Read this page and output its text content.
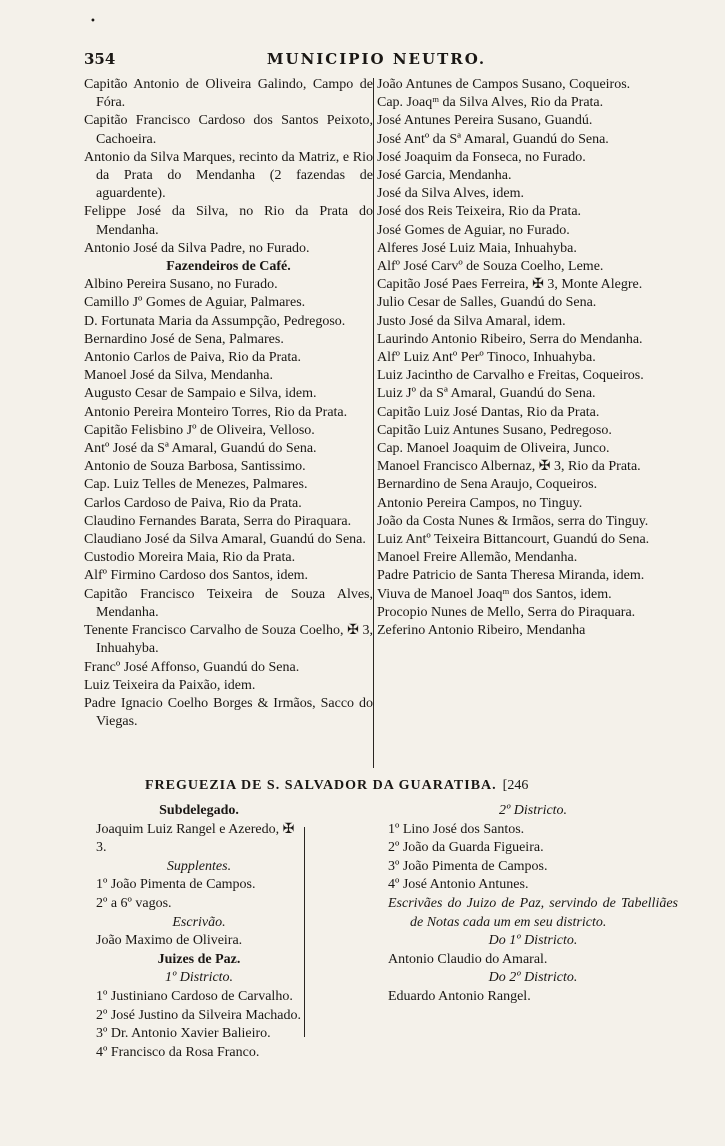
•
354	MUNICIPIO NEUTRO.
Capitão Antonio de Oliveira Galindo, Campo de Fóra.
Capitão Francisco Cardoso dos Santos Peixoto, Cachoeira.
Antonio da Silva Marques, recinto da Matriz, e Rio da Prata do Mendanha (2 fazendas de aguardente).
Felippe José da Silva, no Rio da Prata do Mendanha.
Antonio José da Silva Padre, no Furado.
Fazendeiros de Café.
Albino Pereira Susano, no Furado.
Camillo Jº Gomes de Aguiar, Palmares.
D. Fortunata Maria da Assumpção, Pedregoso.
Bernardino José de Sena, Palmares.
Antonio Carlos de Paiva, Rio da Prata.
Manoel José da Silva, Mendanha.
Augusto Cesar de Sampaio e Silva, idem.
Antonio Pereira Monteiro Torres, Rio da Prata.
Capitão Felisbino Jº de Oliveira, Velloso.
Antº José da Sª Amaral, Guandú do Sena.
Antonio de Souza Barbosa, Santissimo.
Cap. Luiz Telles de Menezes, Palmares.
Carlos Cardoso de Paiva, Rio da Prata.
Claudino Fernandes Barata, Serra do Piraquara.
Claudiano José da Silva Amaral, Guandú do Sena.
Custodio Moreira Maia, Rio da Prata.
Alfº Firmino Cardoso dos Santos, idem.
Capitão Francisco Teixeira de Souza Alves, Mendanha.
Tenente Francisco Carvalho de Souza Coelho, ✠ 3, Inhuahyba.
Francº José Affonso, Guandú do Sena.
Luiz Teixeira da Paixão, idem.
Padre Ignacio Coelho Borges & Irmãos, Sacco do Viegas.
João Antunes de Campos Susano, Coqueiros.
Cap. Joaqᵐ da Silva Alves, Rio da Prata.
José Antunes Pereira Susano, Guandú.
José Antº da Sª Amaral, Guandú do Sena.
José Joaquim da Fonseca, no Furado.
José Garcia, Mendanha.
José da Silva Alves, idem.
José dos Reis Teixeira, Rio da Prata.
José Gomes de Aguiar, no Furado.
Alferes José Luiz Maia, Inhuahyba.
Alfº José Carvº de Souza Coelho, Leme.
Capitão José Paes Ferreira, ✠ 3, Monte Alegre.
Julio Cesar de Salles, Guandú do Sena.
Justo José da Silva Amaral, idem.
Laurindo Antonio Ribeiro, Serra do Mendanha.
Alfº Luiz Antº Perº Tinoco, Inhuahyba.
Luiz Jacintho de Carvalho e Freitas, Coqueiros.
Luiz Jº da Sª Amaral, Guandú do Sena.
Capitão Luiz José Dantas, Rio da Prata.
Capitão Luiz Antunes Susano, Pedregoso.
Cap. Manoel Joaquim de Oliveira, Junco.
Manoel Francisco Albernaz, ✠ 3, Rio da Prata.
Bernardino de Sena Araujo, Coqueiros.
Antonio Pereira Campos, no Tinguy.
João da Costa Nunes & Irmãos, serra do Tinguy.
Luiz Antº Teixeira Bittancourt, Guandú do Sena.
Manoel Freire Allemão, Mendanha.
Padre Patricio de Santa Theresa Miranda, idem.
Viuva de Manoel Joaqᵐ dos Santos, idem.
Procopio Nunes de Mello, Serra do Piraquara.
Zeferino Antonio Ribeiro, Mendanha
FREGUEZIA DE S. SALVADOR DA GUARATIBA. [246
Subdelegado.
Joaquim Luiz Rangel e Azeredo, ✠ 3.
Supplentes.
1º João Pimenta de Campos.
2º a 6º vagos.
Escrivão.
João Maximo de Oliveira.
Juizes de Paz.
1º Districto.
1º Justiniano Cardoso de Carvalho.
2º José Justino da Silveira Machado.
3º Dr. Antonio Xavier Balieiro.
4º Francisco da Rosa Franco.
2º Districto.
1º Lino José dos Santos.
2º João da Guarda Figueira.
3º João Pimenta de Campos.
4º José Antonio Antunes.
Escrivães do Juizo de Paz, servindo de Tabelliães de Notas cada um em seu districto.
Do 1º Districto.
Antonio Claudio do Amaral.
Do 2º Districto.
Eduardo Antonio Rangel.
